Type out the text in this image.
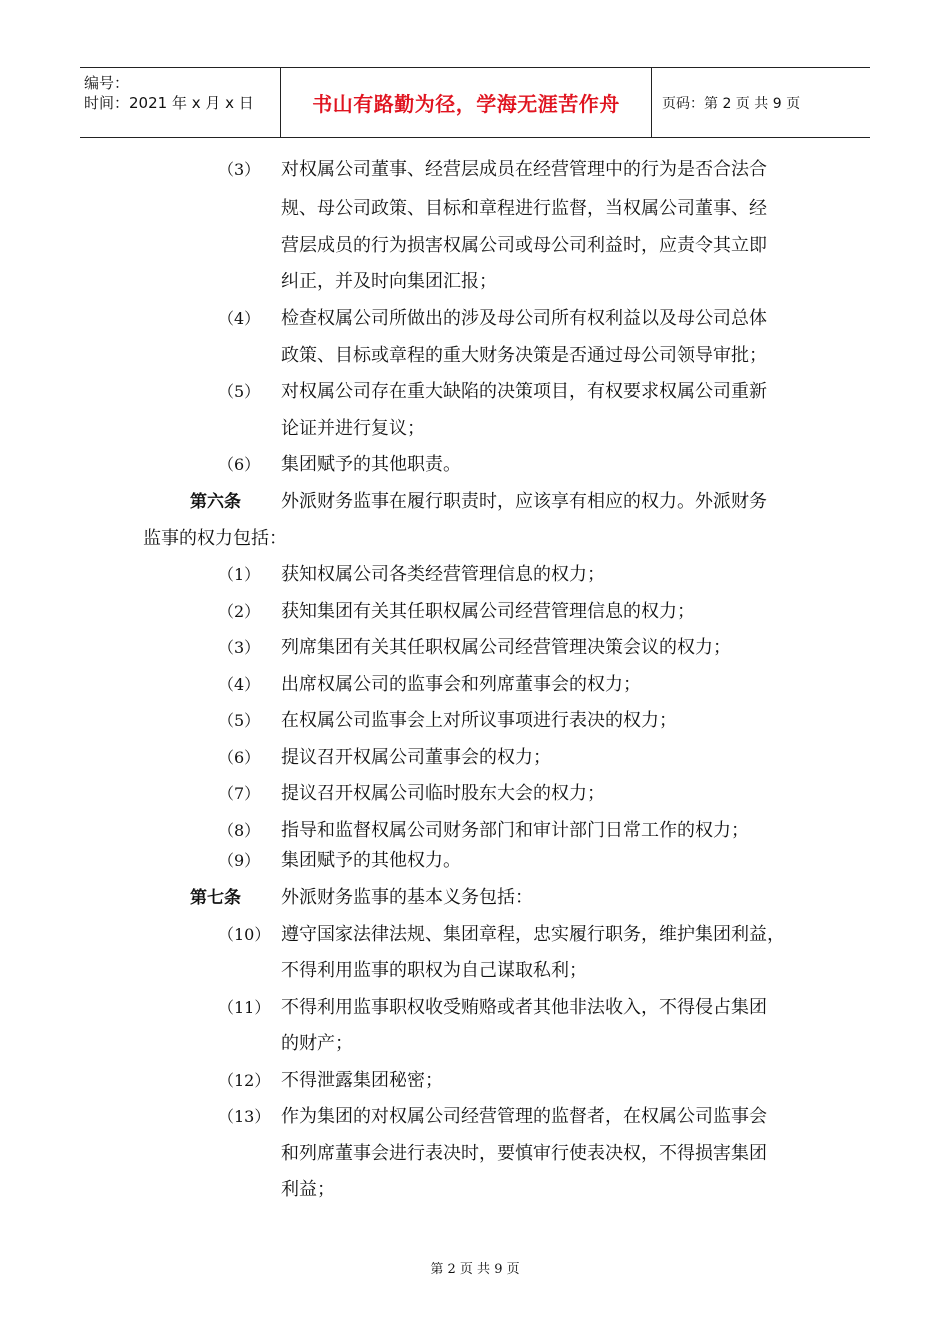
编号：
时间：2021 年 x 月 x 日	书山有路勤为径，学海无涯苦作舟	页码：第 2 页 共 9 页
（3） 对权属公司董事、经营层成员在经营管理中的行为是否合法合
规、母公司政策、目标和章程进行监督，当权属公司董事、经
营层成员的行为损害权属公司或母公司利益时，应责令其立即
纠正，并及时向集团汇报；
（4） 检查权属公司所做出的涉及母公司所有权利益以及母公司总体
政策、目标或章程的重大财务决策是否通过母公司领导审批；
（5） 对权属公司存在重大缺陷的决策项目，有权要求权属公司重新
论证并进行复议；
（6） 集团赋予的其他职责。
第六条 外派财务监事在履行职责时，应该享有相应的权力。外派财务
监事的权力包括：
（1） 获知权属公司各类经营管理信息的权力；
（2） 获知集团有关其任职权属公司经营管理信息的权力；
（3） 列席集团有关其任职权属公司经营管理决策会议的权力；
（4） 出席权属公司的监事会和列席董事会的权力；
（5） 在权属公司监事会上对所议事项进行表决的权力；
（6） 提议召开权属公司董事会的权力；
（7） 提议召开权属公司临时股东大会的权力；
（8） 指导和监督权属公司财务部门和审计部门日常工作的权力；
（9） 集团赋予的其他权力。
第七条 外派财务监事的基本义务包括：
（10） 遵守国家法律法规、集团章程，忠实履行职务，维护集团利益，
不得利用监事的职权为自己谋取私利；
（11） 不得利用监事职权收受贿赂或者其他非法收入，不得侵占集团
的财产；
（12） 不得泄露集团秘密；
（13） 作为集团的对权属公司经营管理的监督者，在权属公司监事会
和列席董事会进行表决时，要慎审行使表决权，不得损害集团
利益；
第 2 页 共 9 页
